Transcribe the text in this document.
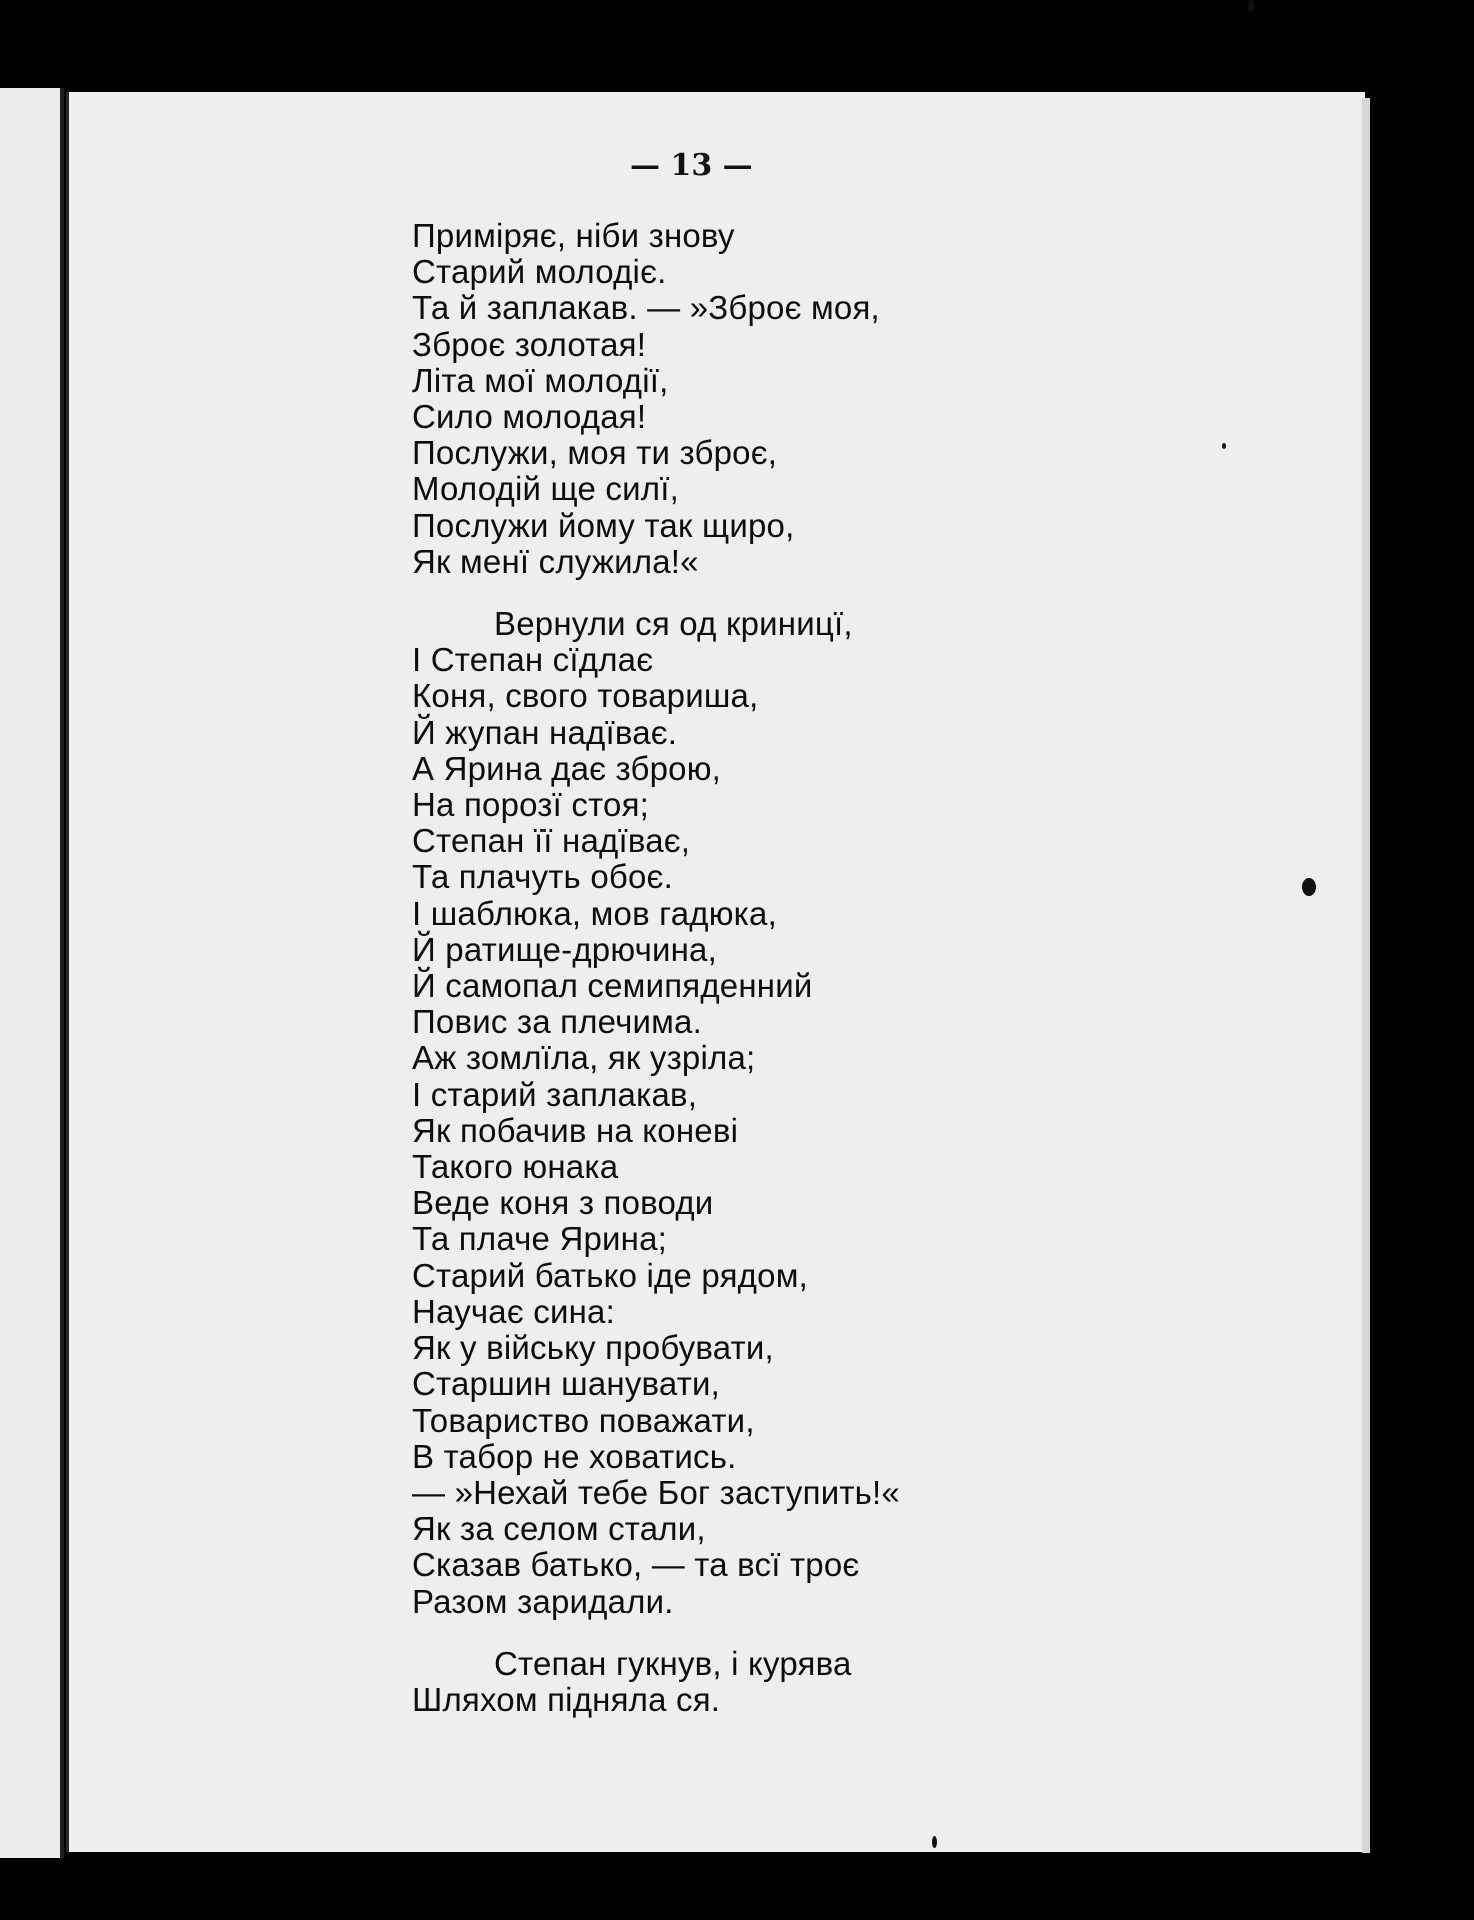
— 13 —

Приміряє, ніби знову
Старий молодіє.
Та й заплакав. — »Зброє моя,
Зброє золотая!
Літа мої молодії,
Сило молодая!
Послужи, моя ти зброє,
Молодій ще силї,
Послужи йому так щиро,
Як менї служила!«
Вернули ся од криницї,
І Степан сїдлає
Коня, свого товариша,
Й жупан надїває.
А Ярина дає зброю,
На порозї стоя;
Степан її надїває,
Та плачуть обоє.
І шаблюка, мов гадюка,
Й ратище-дрючина,
Й самопал семипяденний
Повис за плечима.
Аж зомлїла, як узріла;
І старий заплакав,
Як побачив на коневі
Такого юнака
Веде коня з поводи
Та плаче Ярина;
Старий батько іде рядом,
Научає сина:
Як у війську пробувати,
Старшин шанувати,
Товариство поважати,
В табор не ховатись.
— »Нехай тебе Бог заступить!«
Як за селом стали,
Сказав батько, — та всї троє
Разом заридали.
Степан гукнув, і курява
Шляхом підняла ся.
